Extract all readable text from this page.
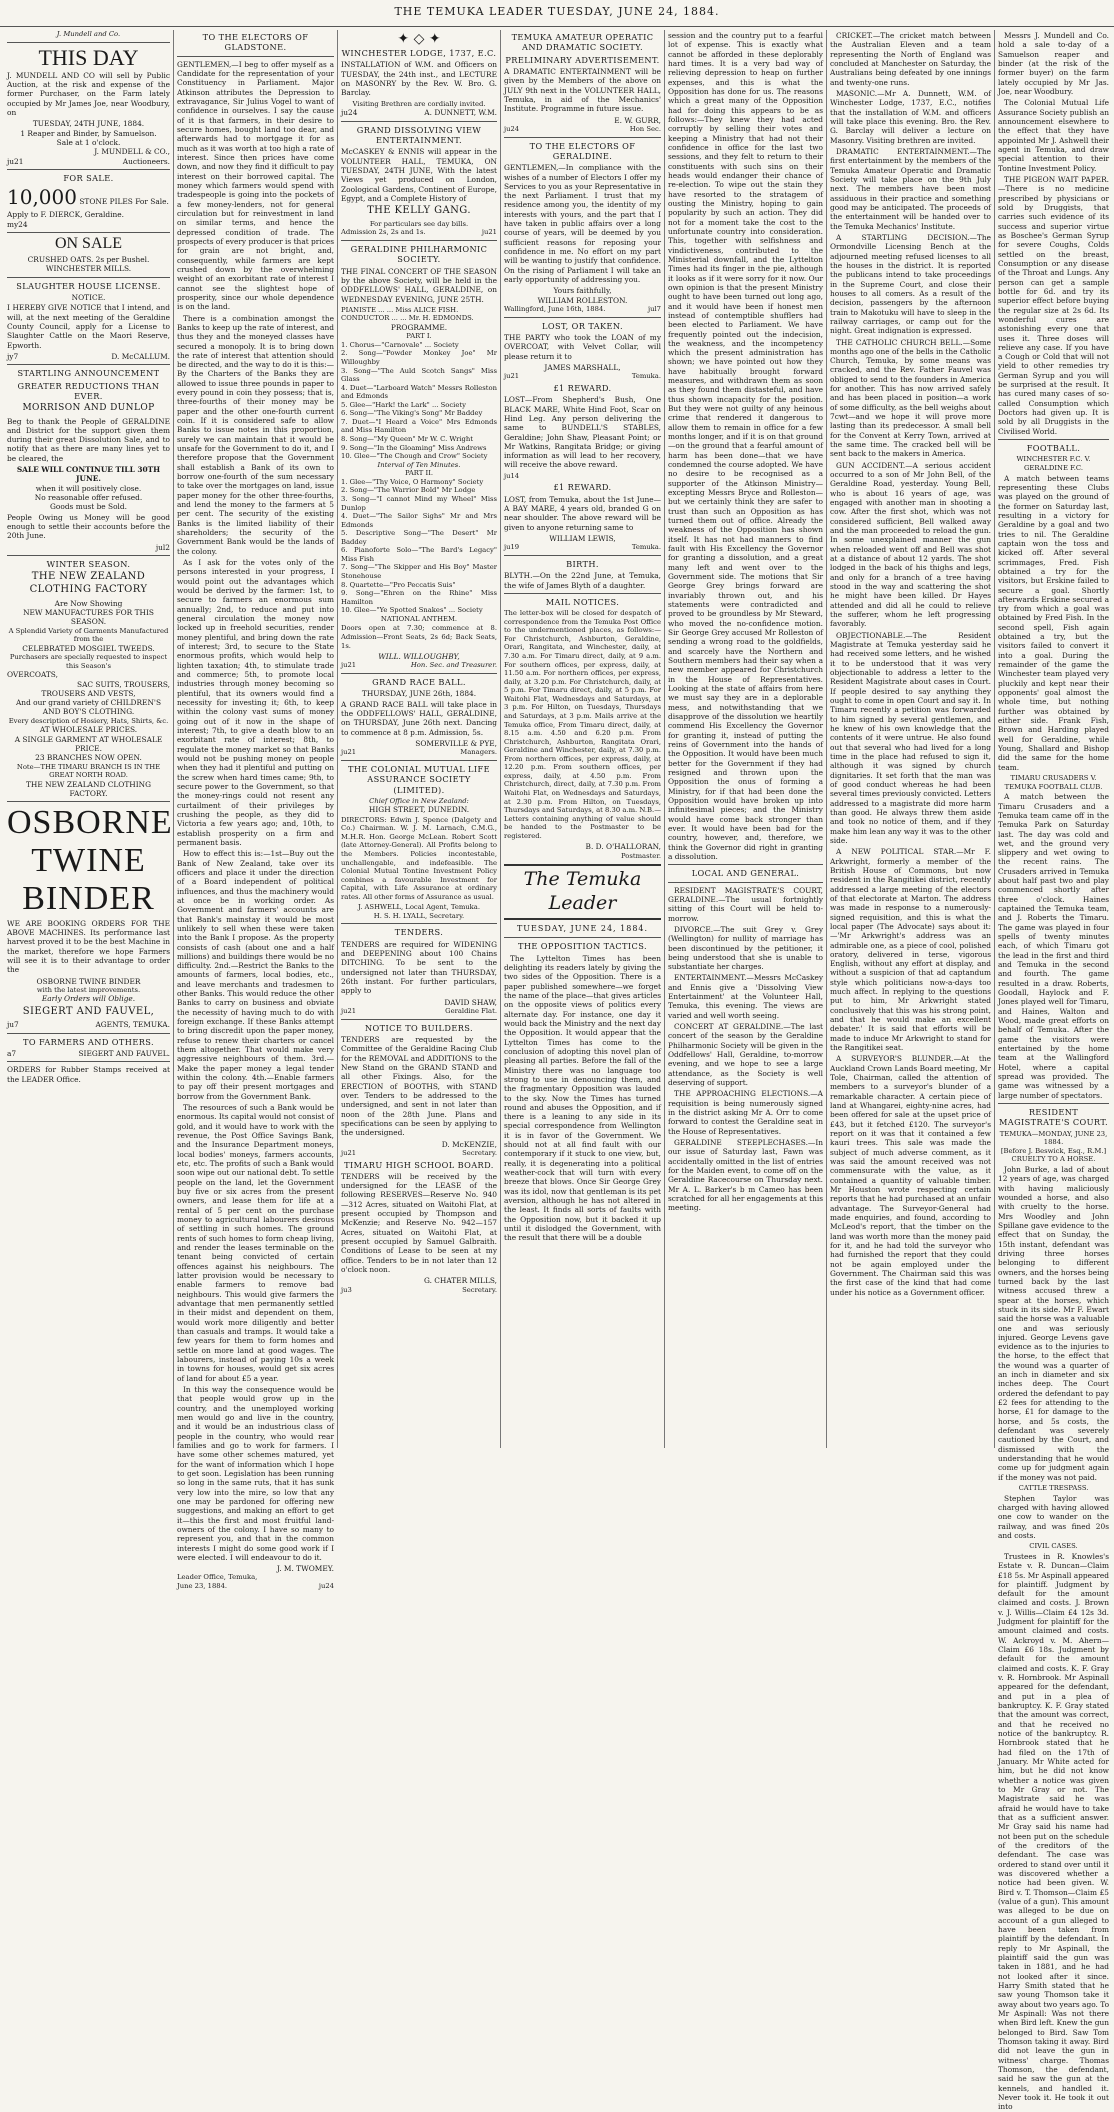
THE TEMUKA LEADER TUESDAY, JUNE 24, 1884.
J. Mundell and Co.
THIS DAY

J. MUNDELL AND CO will sell by Public Auction, at the risk and expense of the former Purchaser, on the Farm lately occupied by Mr James Joe, near Woodbury, on

TUESDAY, 24TH JUNE, 1884.
1 Reaper and Binder, by Samuelson.
Sale at 1 o'clock.
J. MUNDELL & CO.,
ju21	Auctioneers.
FOR SALE.
10,000 STONE PILES For Sale.
Apply to F. DIERCK, Geraldine.
my24
ON SALE
CRUSHED OATS. 2s per Bushel.
WINCHESTER MILLS.
SLAUGHTER HOUSE LICENSE.
NOTICE.

I HEREBY GIVE NOTICE that I intend, and will, at the next meeting of the Geraldine County Council, apply for a License to Slaughter Cattle on the Maori Reserve, Epworth.

jy7	D. McCALLUM.
STARTLING ANNOUNCEMENT
GREATER REDUCTIONS THAN EVER.
MORRISON AND DUNLOP

Beg to thank the People of GERALDINE and District for the support given them during their great Dissolution Sale, and to notify that as there are many lines yet to be cleared, the

SALE WILL CONTINUE TILL 30TH JUNE.
when it will positively close.
No reasonable offer refused.
Goods must be Sold.

People Owing us Money will be good enough to settle their accounts before the 20th June.

jul2
WINTER SEASON.
THE NEW ZEALAND CLOTHING FACTORY
Are Now Showing
NEW MANUFACTURES FOR THIS SEASON.
A Splendid Variety of Garments Manufactured from the
CELEBRATED MOSGIEL TWEEDS.
Purchasers are specially requested to inspect this Season's
OVERCOATS,
SAC SUITS, TROUSERS,
TROUSERS AND VESTS,
And our grand variety of CHILDREN'S AND BOY'S CLOTHING.
Every description of Hosiery, Hats, Shirts, &c.
AT WHOLESALE PRICES.
A SINGLE GARMENT AT WHOLESALE PRICE.
23 BRANCHES NOW OPEN.
Note—THE TIMARU BRANCH IS IN THE GREAT NORTH ROAD.
THE NEW ZEALAND CLOTHING FACTORY.
OSBORNE
TWINE
BINDER

WE ARE BOOKING ORDERS FOR THE ABOVE MACHINES. Its performance last harvest proved it to be the best Machine in the market, therefore we hope Farmers will see it is to their advantage to order the

OSBORNE TWINE BINDER
with the latest improvements.
Early Orders will Oblige.
SIEGERT AND FAUVEL,
ju7	AGENTS, TEMUKA.
TO FARMERS AND OTHERS.

a7	SIEGERT AND FAUVEL.

ORDERS for Rubber Stamps received at the LEADER Office.

TO THE ELECTORS OF GLADSTONE.

GENTLEMEN,—I beg to offer myself as a Candidate for the representation of your Constituency in Parliament. Major Atkinson attributes the Depression to extravagance, Sir Julius Vogel to want of confidence in ourselves. I say the cause of it is that farmers, in their desire to secure homes, bought land too dear, and afterwards had to mortgage it for as much as it was worth at too high a rate of interest. Since then prices have come down, and now they find it difficult to pay interest on their borrowed capital. The money which farmers would spend with tradespeople is going into the pockets of a few money-lenders, not for general circulation but for reinvestment in land on similar terms, and hence the depressed condition of trade. The prospects of every producer is that prices for grain are not bright, and, consequently, while farmers are kept crushed down by the overwhelming weight of an exorbitant rate of interest I cannot see the slightest hope of prosperity, since our whole dependence is on the land.

There is a combination amongst the Banks to keep up the rate of interest, and thus they and the moneyed classes have secured a monopoly. It is to bring down the rate of interest that attention should be directed, and the way to do it is this:—By the Charters of the Banks they are allowed to issue three pounds in paper to every pound in coin they possess; that is, three-fourths of their money may be paper and the other one-fourth current coin. If it is considered safe to allow Banks to issue notes in this proportion, surely we can maintain that it would be unsafe for the Government to do it, and I therefore propose that the Government shall establish a Bank of its own to borrow one-fourth of the sum necessary to take over the mortgages on land, issue paper money for the other three-fourths, and lend the money to the farmers at 5 per cent. The security of the existing Banks is the limited liability of their shareholders; the security of the Government Bank would be the lands of the colony.

As I ask for the votes only of the persons interested in your progress, I would point out the advantages which would be derived by the farmer: 1st, to secure to farmers an enormous sum annually; 2nd, to reduce and put into general circulation the money now locked up in freehold securities, render money plentiful, and bring down the rate of interest; 3rd, to secure to the State enormous profits, which would help to lighten taxation; 4th, to stimulate trade and commerce; 5th, to promote local industries through money becoming so plentiful, that its owners would find a necessity for investing it; 6th, to keep within the colony vast sums of money going out of it now in the shape of interest; 7th, to give a death blow to an exorbitant rate of interest; 8th, to regulate the money market so that Banks would not be pushing money on people when they had it plentiful and putting on the screw when hard times came; 9th, to secure power to the Government, so that the money-rings could not resent any curtailment of their privileges by crushing the people, as they did to Victoria a few years ago; and, 10th, to establish prosperity on a firm and permanent basis.

How to effect this is:—1st—Buy out the Bank of New Zealand, take over its officers and place it under the direction of a Board independent of political influences, and thus the machinery would at once be in working order. As Government and farmers' accounts are that Bank's mainstay it would be most unlikely to sell when these were taken into the Bank I propose. As the property consists of cash (about one and a half millions) and buildings there would be no difficulty. 2nd.—Restrict the Banks to the amounts of farmers, local bodies, etc., and leave merchants and tradesmen to other Banks. This would reduce the other Banks to carry on business and obviate the necessity of having much to do with foreign exchange. If these Banks attempt to bring discredit upon the paper money, refuse to renew their charters or cancel them altogether. That would make very aggressive neighbours of them. 3rd.—Make the paper money a legal tender within the colony. 4th.—Enable farmers to pay off their present mortgages and borrow from the Government Bank.

The resources of such a Bank would be enormous. Its capital would not consist of gold, and it would have to work with the revenue, the Post Office Savings Bank, and the Insurance Department moneys, local bodies' moneys, farmers accounts, etc, etc. The profits of such a Bank would soon wipe out our national debt. To settle people on the land, let the Government buy five or six acres from the present owners, and lease them for life at a rental of 5 per cent on the purchase money to agricultural labourers desirous of settling in such homes. The ground rents of such homes to form cheap living, and render the leases terminable on the tenant being convicted of certain offences against his neighbours. The latter provision would be necessary to enable farmers to remove bad neighbours. This would give farmers the advantage that men permanently settled in their midst and dependent on them, would work more diligently and better than casuals and tramps. It would take a few years for them to form homes and settle on more land at good wages. The labourers, instead of paying 10s a week in towns for houses, would get six acres of land for about £5 a year.

In this way the consequence would be that people would grow up in the country, and the unemployed working men would go and live in the country, and it would be an industrious class of people in the country, who would rear families and go to work for farmers. I have some other schemes matured, yet for the want of information which I hope to get soon. Legislation has been running so long in the same ruts, that it has sunk very low into the mire, so low that any one may be pardoned for offering new suggestions, and making an effort to get it—this the first and most fruitful land-owners of the colony. I have so many to represent you, and that in the common interests I might do some good work if I were elected. I will endeavour to do it.

J. M. TWOMEY.
Leader Office, Temuka,
June 23, 1884.	ju24
✦ ◇ ✦
WINCHESTER LODGE, 1737, E.C.

INSTALLATION of W.M. and Officers on TUESDAY, the 24th inst., and LECTURE on MASONRY by the Rev. W. Bro. G. Barclay.

Visiting Brethren are cordially invited.
ju24	A. DUNNETT, W.M.
GRAND DISSOLVING VIEW ENTERTAINMENT.

McCASKEY & ENNIS will appear in the VOLUNTEER HALL, TEMUKA, ON TUESDAY, 24TH JUNE, With the latest Views yet produced on London, Zoological Gardens, Continent of Europe, Egypt, and a Complete History of

THE KELLY GANG.
For particulars see day bills.
Admission 2s, 2s and 1s.	ju21
GERALDINE PHILHARMONIC SOCIETY.

THE FINAL CONCERT OF THE SEASON by the above Society, will be held in the ODDFELLOWS' HALL, GERALDINE, on WEDNESDAY EVENING, JUNE 25TH.

PIANISTE ... ... Miss ALICE FISH.
CONDUCTOR ... ... Mr. H. EDMONDS.
PROGRAMME.
PART I.
1. Chorus—"Carnovale" ... Society
2. Song—"Powder Monkey Joe" Mr Willoughby
3. Song—"The Auld Scotch Sangs" Miss Glass
4. Duet—"Larboard Watch" Messrs Rolleston and Edmonds
5. Glee—"Hark! the Lark" ... Society
6. Song—"The Viking's Song" Mr Baddey
7. Duet—"I Heard a Voice" Mrs Edmonds and Miss Hamilton
8. Song—"My Queen" Mr W. C. Wright
9. Song—"In the Gloaming" Miss Andrews
10. Glee—"The Chough and Crow" Society
Interval of Ten Minutes.
PART II.
1. Glee—"Thy Voice, O Harmony" Society
2. Song—"The Warrior Bold" Mr Lodge
3. Song—"I cannot Mind my Wheel" Miss Dunlop
4. Duet—"The Sailor Sighs" Mr and Mrs Edmonds
5. Descriptive Song—"The Desert" Mr Baddey
6. Pianoforte Solo—"The Bard's Legacy" Miss Fish
7. Song—"The Skipper and His Boy" Master Stonehouse
8. Quartette—"Pro Peccatis Suis"
9. Song—"Ehren on the Rhine" Miss Hamilton
10. Glee—"Ye Spotted Snakes" ... Society
NATIONAL ANTHEM.

Doors open at 7.30; commence at 8. Admission—Front Seats, 2s 6d; Back Seats, 1s.

WILL. WILLOUGHBY,
ju21	Hon. Sec. and Treasurer.
GRAND RACE BALL.
THURSDAY, JUNE 26th, 1884.

A GRAND RACE BALL will take place in the ODDFELLOWS' HALL, GERALDINE, on THURSDAY, June 26th next. Dancing to commence at 8 p.m. Admission, 5s.

SOMERVILLE & PYE,
ju21	Managers.
THE COLONIAL MUTUAL LIFE ASSURANCE SOCIETY (LIMITED).
Chief Office in New Zealand:
HIGH STREET, DUNEDIN.

DIRECTORS: Edwin J. Spence (Dalgety and Co.) Chairman. W. J. M. Larnach, C.M.G., M.H.R. Hon. George McLean. Robert Scott (late Attorney-General). All Profits belong to the Members. Policies incontestable, unchallengable, and indefeasible. The Colonial Mutual Tontine Investment Policy combines a favourable Investment for Capital, with Life Assurance at ordinary rates. All other forms of Assurance as usual.

J. ASHWELL, Local Agent, Temuka.
H. S. H. LYALL, Secretary.
TENDERS.

TENDERS are required for WIDENING and DEEPENING about 100 Chains DITCHING. To be sent to the undersigned not later than THURSDAY, 26th instant. For further particulars, apply to

DAVID SHAW,
ju21	Geraldine Flat.
NOTICE TO BUILDERS.

TENDERS are requested by the Committee of the Geraldine Racing Club for the REMOVAL and ADDITIONS to the New Stand on the GRAND STAND and all other Fixings. Also, for the ERECTION of BOOTHS, with STAND over. Tenders to be addressed to the undersigned, and sent in not later than noon of the 28th June. Plans and specifications can be seen by applying to the undersigned.

D. McKENZIE,
ju21	Secretary.
TIMARU HIGH SCHOOL BOARD.

TENDERS will be received by the undersigned for the LEASE of the following RESERVES—Reserve No. 940—312 Acres, situated on Waitohi Flat, at present occupied by Thompson and McKenzie; and Reserve No. 942—157 Acres, situated on Waitohi Flat, at present occupied by Samuel Galbraith. Conditions of Lease to be seen at my office. Tenders to be in not later than 12 o'clock noon.

G. CHATER MILLS,
ju3	Secretary.
TEMUKA AMATEUR OPERATIC AND DRAMATIC SOCIETY.
PRELIMINARY ADVERTISEMENT.

A DRAMATIC ENTERTAINMENT will be given by the Members of the above on JULY 9th next in the VOLUNTEER HALL, Temuka, in aid of the Mechanics' Institute. Programme in future issue.

E. W. GURR,
ju24	Hon Sec.
TO THE ELECTORS OF GERALDINE.

GENTLEMEN,—In compliance with the wishes of a number of Electors I offer my Services to you as your Representative in the next Parliament. I trust that my residence among you, the identity of my interests with yours, and the part that I have taken in public affairs over a long course of years, will be deemed by you sufficient reasons for reposing your confidence in me. No effort on my part will be wanting to justify that confidence. On the rising of Parliament I will take an early opportunity of addressing you.

Yours faithfully,
WILLIAM ROLLESTON.
Wallingford, June 16th, 1884.	jul7
LOST, OR TAKEN.

THE PARTY who took the LOAN of my OVERCOAT, with Velvet Collar, will please return it to

JAMES MARSHALL,
ju21	Temuka.
£1 REWARD.

LOST—From Shepherd's Bush, One BLACK MARE, White Hind Foot, Scar on Hind Leg. Any person delivering the same to BUNDELL'S STABLES, Geraldine; John Shaw, Pleasant Point; or Mr Watkins, Rangitata Bridge; or giving information as will lead to her recovery, will receive the above reward.

ju14
£1 REWARD.

LOST, from Temuka, about the 1st June—A BAY MARE, 4 years old, branded G on near shoulder. The above reward will be given to anyone returning same to

WILLIAM LEWIS,
ju19	Temuka.
BIRTH.

BLYTH.—On the 22nd June, at Temuka, the wife of James Blyth of a daughter.

MAIL NOTICES.

The letter-box will be closed for despatch of correspondence from the Temuka Post Office to the undermentioned places, as follows:— For Christchurch, Ashburton, Geraldine, Orari, Rangitata, and Winchester, daily, at 7.30 a.m. For Timaru direct, daily, at 9 a.m. For southern offices, per express, daily, at 11.50 a.m. For northern offices, per express, daily, at 3.20 p.m. For Christchurch, daily, at 5 p.m. For Timaru direct, daily, at 5 p.m. For Waitohi Flat, Wednesdays and Saturdays, at 3 p.m. For Hilton, on Tuesdays, Thursdays and Saturdays, at 3 p.m. Mails arrive at the Temuka office, From Timaru direct, daily, at 8.15 a.m. 4.50 and 6.20 p.m. From Christchurch, Ashburton, Rangitata Orari, Geraldine and Winchester, daily, at 7.30 p.m. From northern offices, per express, daily, at 12.20 p.m. From southern offices, per express, daily, at 4.50 p.m. From Christchurch, direct, daily, at 7.30 p.m. From Waitohi Flat, on Wednesdays and Saturdays, at 2.30 p.m. From Hilton, on Tuesdays, Thursdays and Saturdays, at 8.30 a.m. N.B.—Letters containing anything of value should be handed to the Postmaster to be registered.

B. D. O'HALLORAN,
Postmaster.
The Temuka Leader
TUESDAY, JUNE 24, 1884.
THE OPPOSITION TACTICS.

The Lyttelton Times has been delighting its readers lately by giving the two sides of the Opposition. There is a paper published somewhere—we forget the name of the place—that gives articles on the opposite views of politics every alternate day. For instance, one day it would back the Ministry and the next day the Opposition. It would appear that the Lyttelton Times has come to the conclusion of adopting this novel plan of pleasing all parties. Before the fall of the Ministry there was no language too strong to use in denouncing them, and the fragmentary Opposition was lauded to the sky. Now the Times has turned round and abuses the Opposition, and if there is a leaning to any side in its special correspondence from Wellington it is in favor of the Government. We should not at all find fault with our contemporary if it stuck to one view, but, really, it is degenerating into a political weather-cock that will turn with every breeze that blows. Once Sir George Grey was its idol, now that gentleman is its pet aversion, although he has not altered in the least. It finds all sorts of faults with the Opposition now, but it backed it up until it dislodged the Government, with the result that there will be a double

session and the country put to a fearful lot of expense. This is exactly what cannot be afforded in these deplorably hard times. It is a very bad way of relieving depression to heap on further expenses, and this is what the Opposition has done for us. The reasons which a great many of the Opposition had for doing this appears to be as follows:—They knew they had acted corruptly by selling their votes and keeping a Ministry that had not their confidence in office for the last two sessions, and they felt to return to their constituents with such sins on their heads would endanger their chance of re-election. To wipe out the stain they have resorted to the stratagem of ousting the Ministry, hoping to gain popularity by such an action. They did not for a moment take the cost to the unfortunate country into consideration. This, together with selfishness and vindictiveness, contributed to the Ministerial downfall, and the Lyttelton Times had its finger in the pie, although it looks as if it were sorry for it now. Our own opinion is that the present Ministry ought to have been turned out long ago, and it would have been if honest men instead of contemptible shufflers had been elected to Parliament. We have frequently pointed out the indecision, the weakness, and the incompetency which the present administration has shown; we have pointed out how they have habitually brought forward measures, and withdrawn them as soon as they found them distasteful, and have thus shown incapacity for the position. But they were not guilty of any heinous crime that rendered it dangerous to allow them to remain in office for a few months longer, and if it is on that ground—on the ground that a fearful amount of harm has been done—that we have condemned the course adopted. We have no desire to be recognised as a supporter of the Atkinson Ministry—excepting Messrs Bryce and Rolleston—but we certainly think they are safer to trust than such an Opposition as has turned them out of office. Already the weakness of the Opposition has shown itself. It has not had manners to find fault with His Excellency the Governor for granting a dissolution, and a great many left and went over to the Government side. The motions that Sir George Grey brings forward are invariably thrown out, and his statements were contradicted and proved to be groundless by Mr Steward, who moved the no-confidence motion. Sir George Grey accused Mr Rolleston of sending a wrong road to the goldfields, and scarcely have the Northern and Southern members had their say when a new member appeared for Christchurch in the House of Representatives. Looking at the state of affairs from here we must say they are in a deplorable mess, and notwithstanding that we disapprove of the dissolution we heartily commend His Excellency the Governor for granting it, instead of putting the reins of Government into the hands of the Opposition. It would have been much better for the Government if they had resigned and thrown upon the Opposition the onus of forming a Ministry, for if that had been done the Opposition would have broken up into infinitesimal pieces; and the Ministry would have come back stronger than ever. It would have been bad for the country, however, and, therefore, we think the Governor did right in granting a dissolution.

LOCAL AND GENERAL.

RESIDENT MAGISTRATE'S COURT, GERALDINE.—The usual fortnightly sitting of this Court will be held to-morrow.

DIVORCE.—The suit Grey v. Grey (Wellington) for nullity of marriage has been discontinued by the petitioner, it being understood that she is unable to substantiate her charges.

ENTERTAINMENT.—Messrs McCaskey and Ennis give a 'Dissolving View Entertainment' at the Volunteer Hall, Temuka, this evening. The views are varied and well worth seeing.

CONCERT AT GERALDINE.—The last concert of the season by the Geraldine Philharmonic Society will be given in the Oddfellows' Hall, Geraldine, to-morrow evening, and we hope to see a large attendance, as the Society is well deserving of support.

THE APPROACHING ELECTIONS.—A requisition is being numerously signed in the district asking Mr A. Orr to come forward to contest the Geraldine seat in the House of Representatives.

GERALDINE STEEPLECHASES.—In our issue of Saturday last, Fawn was accidentally omitted in the list of entries for the Maiden event, to come off on the Geraldine Racecourse on Thursday next. Mr A. L. Barker's b m Cameo has been scratched for all her engagements at this meeting.

CRICKET.—The cricket match between the Australian Eleven and a team representing the North of England was concluded at Manchester on Saturday, the Australians being defeated by one innings and twenty-one runs.

MASONIC.—Mr A. Dunnett, W.M. of Winchester Lodge, 1737, E.C., notifies that the installation of W.M. and officers will take place this evening. Bro. the Rev. G. Barclay will deliver a lecture on Masonry. Visiting brethren are invited.

DRAMATIC ENTERTAINMENT.—The first entertainment by the members of the Temuka Amateur Operatic and Dramatic Society will take place on the 9th July next. The members have been most assiduous in their practice and something good may be anticipated. The proceeds of the entertainment will be handed over to the Temuka Mechanics' Institute.

A STARTLING DECISION.—The Ormondville Licensing Bench at the adjourned meeting refused licenses to all the houses in the district. It is reported the publicans intend to take proceedings in the Supreme Court, and close their houses to all comers. As a result of the decision, passengers by the afternoon train to Makotuku will have to sleep in the railway carriages, or camp out for the night. Great indignation is expressed.

THE CATHOLIC CHURCH BELL.—Some months ago one of the bells in the Catholic Church, Temuka, by some means was cracked, and the Rev. Father Fauvel was obliged to send to the founders in America for another. This has now arrived safely and has been placed in position—a work of some difficulty, as the bell weighs about 7cwt—and we hope it will prove more lasting than its predecessor. A small bell for the Convent at Kerry Town, arrived at the same time. The cracked bell will be sent back to the makers in America.

GUN ACCIDENT.—A serious accident occurred to a son of Mr John Bell, of the Geraldine Road, yesterday. Young Bell, who is about 16 years of age, was engaged with another man in shooting a cow. After the first shot, which was not considered sufficient, Bell walked away and the man proceeded to reload the gun. In some unexplained manner the gun when reloaded went off and Bell was shot at a distance of about 12 yards. The shot lodged in the back of his thighs and legs, and only for a branch of a tree having stood in the way and scattering the shot he might have been killed. Dr Hayes attended and did all he could to relieve the sufferer, whom he left progressing favorably.

OBJECTIONABLE.—The Resident Magistrate at Temuka yesterday said he had received some letters, and he wished it to be understood that it was very objectionable to address a letter to the Resident Magistrate about cases in Court. If people desired to say anything they ought to come in open Court and say it. In Timaru recently a petition was forwarded to him signed by several gentlemen, and he knew of his own knowledge that the contents of it were untrue. He also found out that several who had lived for a long time in the place had refused to sign it, although it was signed by church dignitaries. It set forth that the man was of good conduct whereas he had been several times previously convicted. Letters addressed to a magistrate did more harm than good. He always threw them aside and took no notice of them, and if they make him lean any way it was to the other side.

A NEW POLITICAL STAR.—Mr F. Arkwright, formerly a member of the British House of Commons, but now resident in the Rangitikei district, recently addressed a large meeting of the electors of that electorate at Marton. The address was made in response to a numerously-signed requisition, and this is what the local paper (The Advocate) says about it:—'Mr Arkwright's address was an admirable one, as a piece of cool, polished oratory, delivered in terse, vigorous English, without any effort at display, and without a suspicion of that ad captandum style which politicians now-a-days too much affect. In replying to the questions put to him, Mr Arkwright stated conclusively that this was his strong point, and that he would make an excellent debater.' It is said that efforts will be made to induce Mr Arkwright to stand for the Rangitikei seat.

A SURVEYOR'S BLUNDER.—At the Auckland Crown Lands Board meeting, Mr Tole, Chairman, called the attention of members to a surveyor's blunder of a remarkable character. A certain piece of land at Whangarei, eighty-nine acres, had been offered for sale at the upset price of £43, but it fetched £120. The surveyor's report on it was that it contained a few kauri trees. This sale was made the subject of much adverse comment, as it was said the amount received was not commensurate with the value, as it contained a quantity of valuable timber. Mr Houston wrote respecting certain reports that he had purchased at an unfair advantage. The Surveyor-General had made enquiries, and found, according to McLeod's report, that the timber on the land was worth more than the money paid for it, and he had told the surveyor who had furnished the report that they could not be again employed under the Government. The Chairman said this was the first case of the kind that had come under his notice as a Government officer.

Messrs J. Mundell and Co. hold a sale to-day of a Samuelson reaper and binder (at the risk of the former buyer) on the farm lately occupied by Mr Jas. Joe, near Woodbury.

The Colonial Mutual Life Assurance Society publish an announcement elsewhere to the effect that they have appointed Mr J. Ashwell their agent in Temuka, and draw special attention to their Tontine Investment Policy.

THE PIGEON WAIT PAPER.—There is no medicine prescribed by physicians or sold by Druggists, that carries such evidence of its success and superior virtue as Boschee's German Syrup for severe Coughs, Colds settled on the breast, Consumption or any disease of the Throat and Lungs. Any person can get a sample bottle for 6d. and try its superior effect before buying the regular size at 2s 6d. Its wonderful cures are astonishing every one that uses it. Three doses will relieve any case. If you have a Cough or Cold that will not yield to other remedies try German Syrup and you will be surprised at the result. It has cured many cases of so-called Consumption which Doctors had given up. It is sold by all Druggists in the Civilised World.

FOOTBALL.
WINCHESTER F.C. V. GERALDINE F.C.

A match between teams representing these Clubs was played on the ground of the former on Saturday last, resulting in a victory for Geraldine by a goal and two tries to nil. The Geraldine captain won the toss and kicked off. After several scrimmages, Fred. Fish obtained a try for the visitors, but Erskine failed to secure a goal. Shortly afterwards Erskine secured a try from which a goal was obtained by Fred Fish. In the second spell, Fish again obtained a try, but the visitors failed to convert it into a goal. During the remainder of the game the Winchester team played very pluckily and kept near their opponents' goal almost the whole time, but nothing further was obtained by either side. Frank Fish, Brown and Harding played well for Geraldine, while Young, Shallard and Bishop did the same for the home team.

TIMARU CRUSADERS V. TEMUKA FOOTBALL CLUB.

A match between the Timaru Crusaders and a Temuka team came off in the Temuka Park on Saturday last. The day was cold and wet, and the ground very slippery and wet owing to the recent rains. The Crusaders arrived in Temuka about half past two and play commenced shortly after three o'clock. Haines captained the Temuka team, and J. Roberts the Timaru. The game was played in four spells of twenty minutes each, of which Timaru got the lead in the first and third and Temuka in the second and fourth. The game resulted in a draw. Roberts, Goodall, Haylock and F. Jones played well for Timaru, and Haines, Walton and Wood, made great efforts on behalf of Temuka. After the game the visitors were entertained by the home team at the Wallingford Hotel, where a capital spread was provided. The game was witnessed by a large number of spectators.

RESIDENT MAGISTRATE'S COURT.
TEMUKA—MONDAY, JUNE 23, 1884.
[Before J. Beswick, Esq., R.M.]
CRUELTY TO A HORSE.

John Burke, a lad of about 12 years of age, was charged with having maliciously wounded a horse, and also with cruelty to the horse. Mrs Woodley and John Spillane gave evidence to the effect that on Sunday, the 15th instant, defendant was driving three horses belonging to different owners, and the horses being turned back by the last witness accused threw a spear at the horses, which stuck in its side. Mr F. Ewart said the horse was a valuable one and was seriously injured. George Levens gave evidence as to the injuries to the horse, to the effect that the wound was a quarter of an inch in diameter and six inches deep. The Court ordered the defendant to pay £2 fees for attending to the horse, £1 for damage to the horse, and 5s costs, the defendant was severely cautioned by the Court, and dismissed with the understanding that he would come up for judgment again if the money was not paid.

CATTLE TRESPASS.

Stephen Taylor was charged with having allowed one cow to wander on the railway, and was fined 20s and costs.

CIVIL CASES.

Trustees in R. Knowles's Estate v. R. Duncan—Claim £18 5s. Mr Aspinall appeared for plaintiff. Judgment by default for the amount claimed and costs. J. Brown v. J. Willis—Claim £4 12s 3d. Judgment for plaintiff for the amount claimed and costs. W. Ackroyd v. M. Ahern—Claim £6 18s. Judgment by default for the amount claimed and costs. K. F. Gray v. R. Hornbrook. Mr Aspinall appeared for the defendant, and put in a plea of bankruptcy. K. F. Gray stated that the amount was correct, and that he received no notice of the bankruptcy. R. Hornbrook stated that he had filed on the 17th of January. Mr White acted for him, but he did not know whether a notice was given to Mr Gray or not. The Magistrate said he was afraid he would have to take that as a sufficient answer. Mr Gray said his name had not been put on the schedule of the creditors of the defendant. The case was ordered to stand over until it was discovered whether a notice had been given. W. Bird v. T. Thomson—Claim £5 (value of a gun). This amount was alleged to be due on account of a gun alleged to have been taken from plaintiff by the defendant. In reply to Mr Aspinall, the plaintiff said the gun was taken in 1881, and he had not looked after it since. Harry Smith stated that he saw young Thomson take it away about two years ago. To Mr Aspinall: Was not there when Bird left. Knew the gun belonged to Bird. Saw Tom Thomson taking it away. Bird did not leave the gun in witness' charge. Thomas Thomson, the defendant, said he saw the gun at the kennels, and handled it. Never took it. He took it out into
